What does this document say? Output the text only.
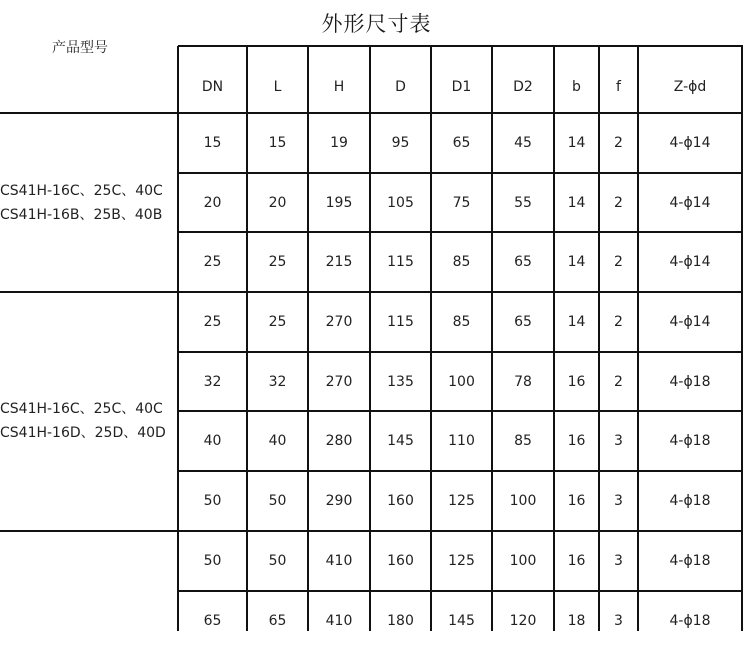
外形尺寸表
产品型号
DN	L	H	D	D1	D2	b	f	Z-ϕd
15	15	19	95	65	45	14	2	4-ϕ14
20	20	195	105	75	55	14	2	4-ϕ14
25	25	215	115	85	65	14	2	4-ϕ14
CS41H-16C、25C、40C
CS41H-16B、25B、40B
25	25	270	115	85	65	14	2	4-ϕ14
32	32	270	135	100	78	16	2	4-ϕ18
40	40	280	145	110	85	16	3	4-ϕ18
50	50	290	160	125	100	16	3	4-ϕ18
CS41H-16C、25C、40C
CS41H-16D、25D、40D
50	50	410	160	125	100	16	3	4-ϕ18
65	65	410	180	145	120	18	3	4-ϕ18
